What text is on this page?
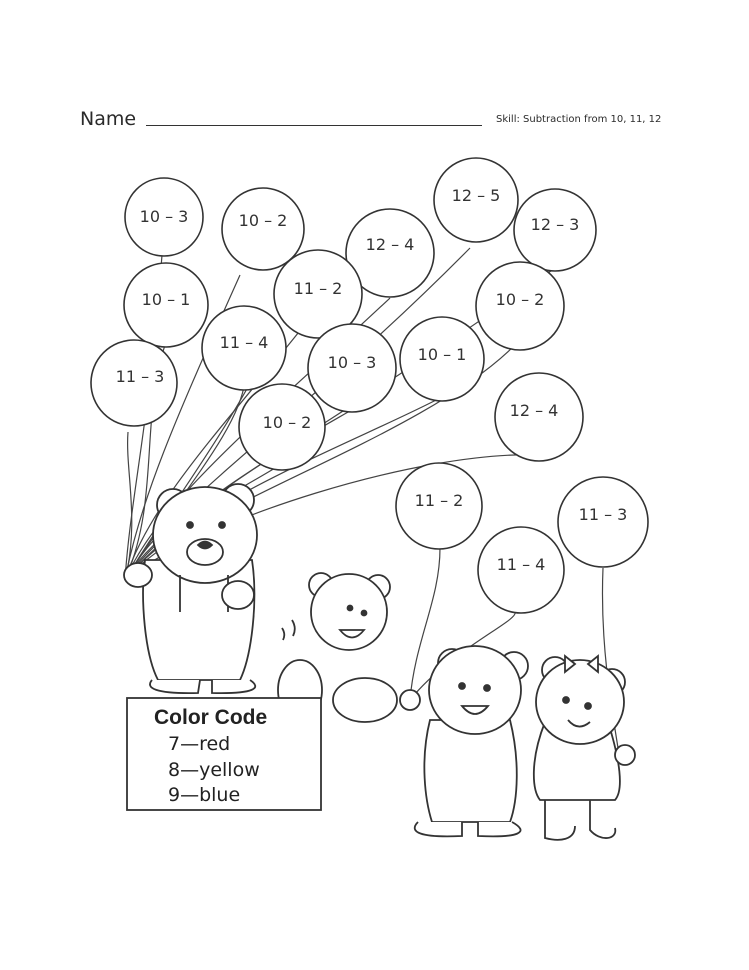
Name	Skill: Subtraction from 10, 11, 12
10 – 3	10 – 2
12 – 4
12 – 5
12 – 3
10 – 1
11 – 2
10 – 2
11 – 4
10 – 3	10 – 1
11 – 3
10 – 2
12 – 4
11 – 2
11 – 3
11 – 4
Color Code
7—red
8—yellow
9—blue
